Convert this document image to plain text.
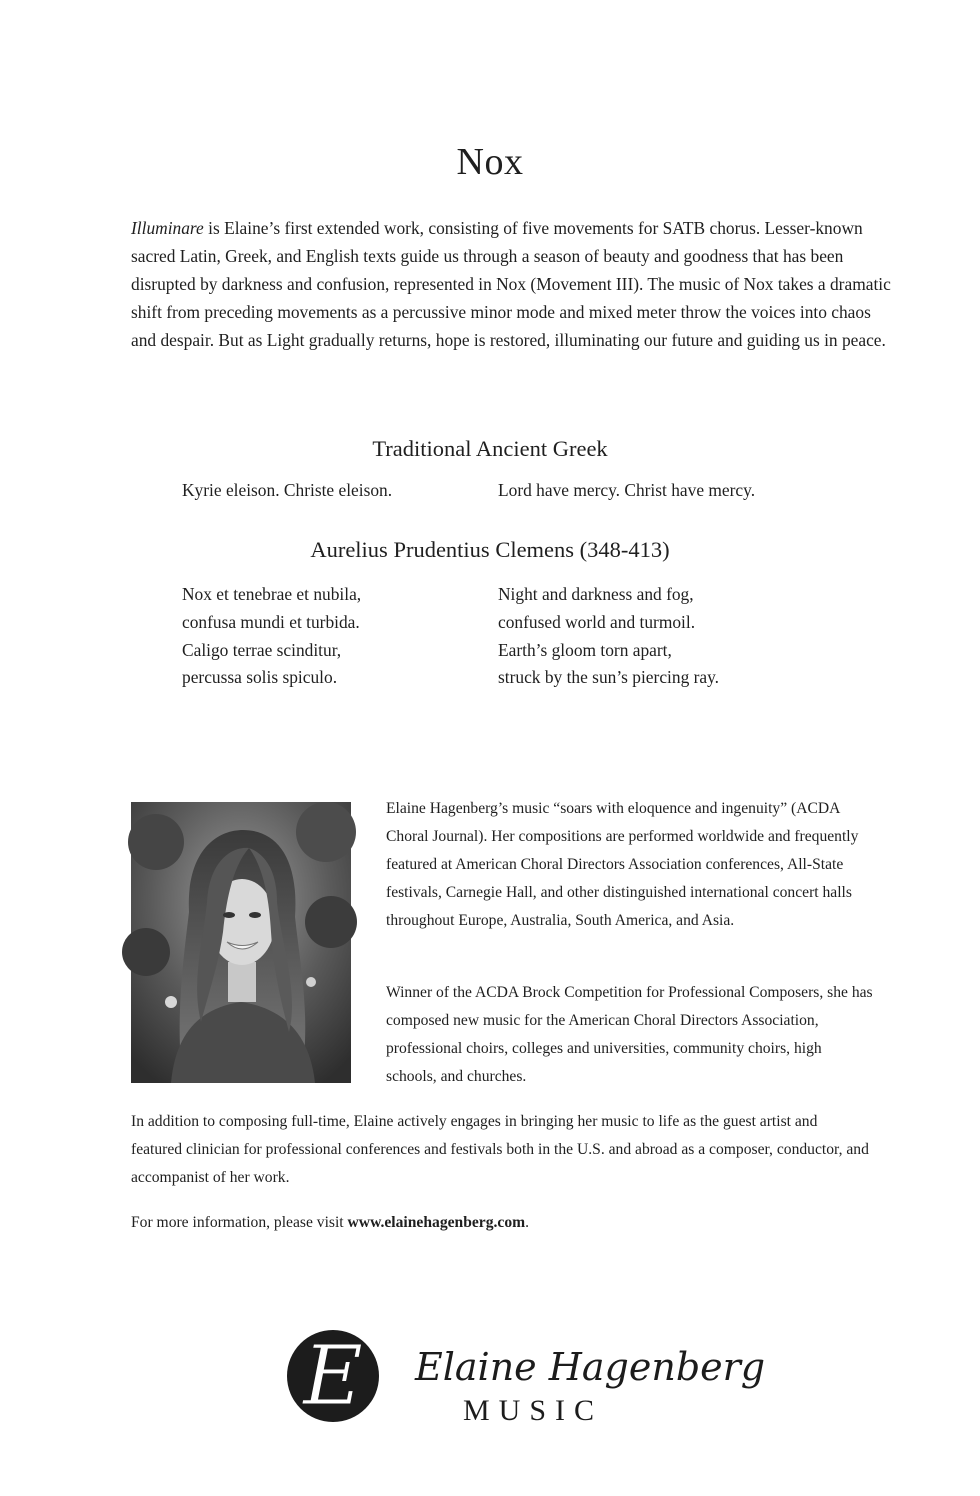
Nox

Illuminare is Elaine’s first extended work, consisting of five movements for SATB chorus. Lesser-known sacred Latin, Greek, and English texts guide us through a season of beauty and goodness that has been disrupted by darkness and confusion, represented in Nox (Movement III). The music of Nox takes a dramatic shift from preceding movements as a percussive minor mode and mixed meter throw the voices into chaos and despair. But as Light gradually returns, hope is restored, illuminating our future and guiding us in peace.

Traditional Ancient Greek

Kyrie eleison. Christe eleison.	Lord have mercy. Christ have mercy.

Aurelius Prudentius Clemens (348-413)

Nox et tenebrae et nubila,

confusa mundi et turbida.

Caligo terrae scinditur,

percussa solis spiculo.

Night and darkness and fog,

confused world and turmoil.

Earth’s gloom torn apart,

struck by the sun’s piercing ray.

Elaine Hagenberg’s music “soars with eloquence and ingenuity” (ACDA Choral Journal). Her compositions are performed worldwide and frequently featured at American Choral Directors Association conferences, All-State festivals, Carnegie Hall, and other distinguished international concert halls throughout Europe, Australia, South America, and Asia.

Winner of the ACDA Brock Competition for Professional Composers, she has composed new music for the American Choral Directors Association, professional choirs, colleges and universities, community choirs, high schools, and churches.

In addition to composing full-time, Elaine actively engages in bringing her music to life as the guest artist and featured clinician for professional conferences and festivals both in the U.S. and abroad as a composer, conductor, and accompanist of her work.

For more information, please visit www.elainehagenberg.com.

E Elaine Hagenberg
MUSIC
